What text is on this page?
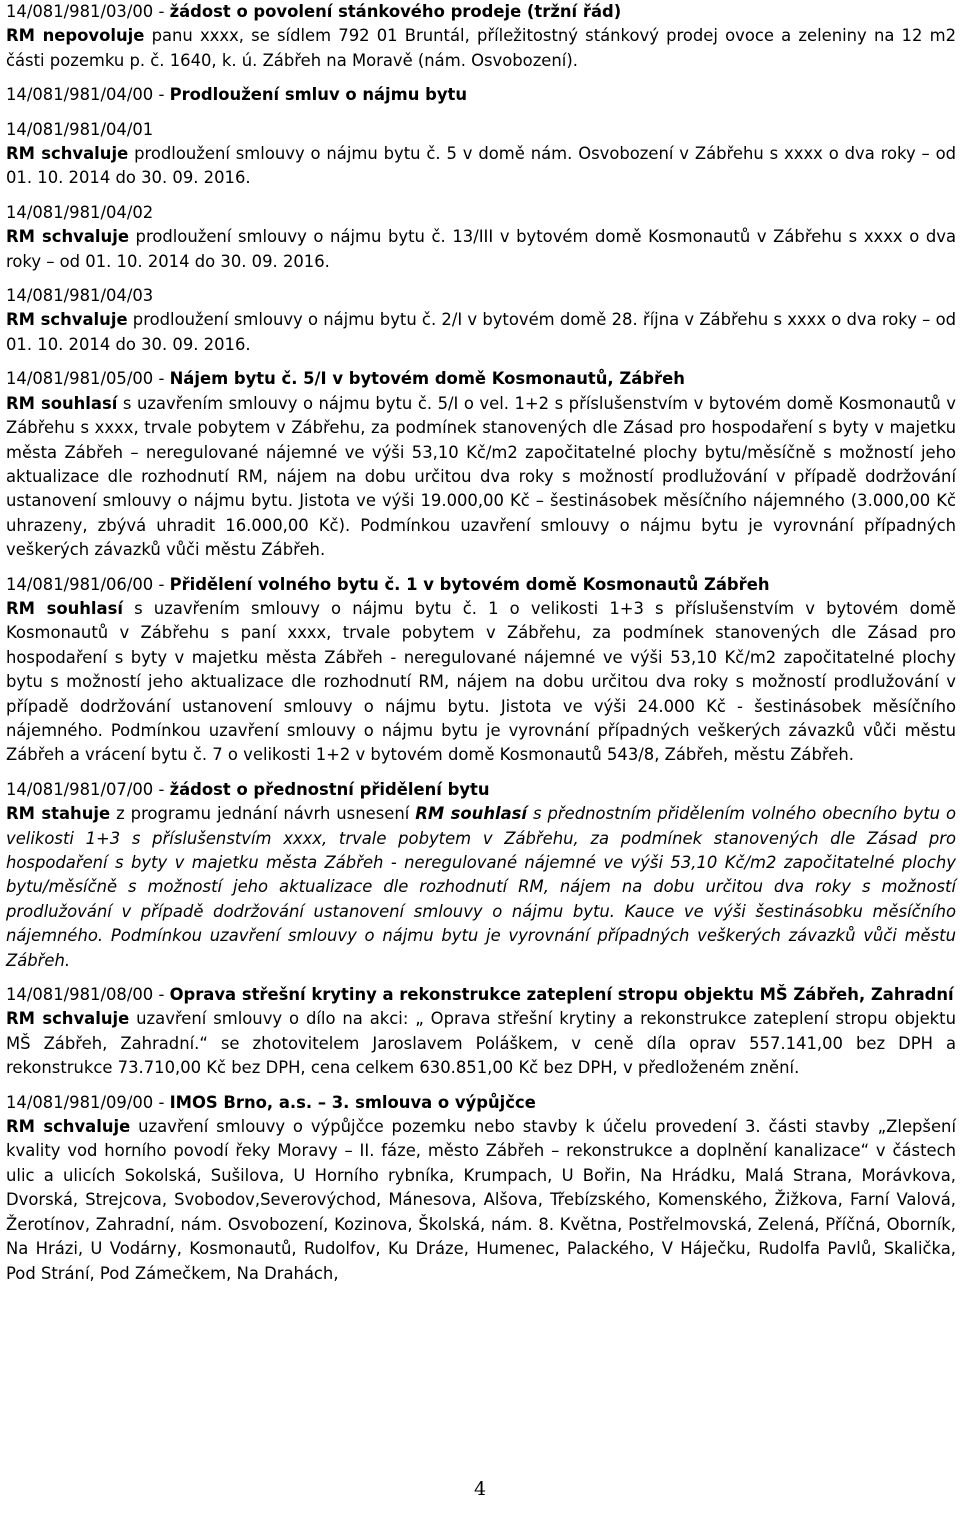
14/081/981/03/00 - žádost o povolení stánkového prodeje (tržní řád)

RM nepovoluje panu xxxx, se sídlem 792 01 Bruntál, příležitostný stánkový prodej ovoce a zeleniny na 12 m2 části pozemku p. č. 1640, k. ú. Zábřeh na Moravě (nám. Osvobození).

14/081/981/04/00 - Prodloužení smluv o nájmu bytu

14/081/981/04/01

RM schvaluje prodloužení smlouvy o nájmu bytu č. 5 v domě nám. Osvobození v Zábřehu s xxxx o dva roky – od 01. 10. 2014 do 30. 09. 2016.

14/081/981/04/02

RM schvaluje prodloužení smlouvy o nájmu bytu č. 13/III v bytovém domě Kosmonautů v Zábřehu s xxxx o dva roky – od 01. 10. 2014 do 30. 09. 2016.

14/081/981/04/03

RM schvaluje prodloužení smlouvy o nájmu bytu č. 2/I v bytovém domě 28. října v Zábřehu s xxxx o dva roky – od 01. 10. 2014 do 30. 09. 2016.

14/081/981/05/00 - Nájem bytu č. 5/I v bytovém domě Kosmonautů, Zábřeh

RM souhlasí s uzavřením smlouvy o nájmu bytu č. 5/I o vel. 1+2 s příslušenstvím v bytovém domě Kosmonautů v Zábřehu s xxxx, trvale pobytem v Zábřehu, za podmínek stanovených dle Zásad pro hospodaření s byty v majetku města Zábřeh – neregulované nájemné ve výši 53,10 Kč/m2 započitatelné plochy bytu/měsíčně s možností jeho aktualizace dle rozhodnutí RM, nájem na dobu určitou dva roky s možností prodlužování v případě dodržování ustanovení smlouvy o nájmu bytu. Jistota ve výši 19.000,00 Kč – šestinásobek měsíčního nájemného (3.000,00 Kč uhrazeny, zbývá uhradit 16.000,00 Kč). Podmínkou uzavření smlouvy o nájmu bytu je vyrovnání případných veškerých závazků vůči městu Zábřeh.

14/081/981/06/00 - Přidělení volného bytu č. 1 v bytovém domě Kosmonautů Zábřeh

RM souhlasí s uzavřením smlouvy o nájmu bytu č. 1 o velikosti 1+3 s příslušenstvím v bytovém domě Kosmonautů v Zábřehu s paní xxxx, trvale pobytem v Zábřehu, za podmínek stanovených dle Zásad pro hospodaření s byty v majetku města Zábřeh - neregulované nájemné ve výši 53,10 Kč/m2 započitatelné plochy bytu s možností jeho aktualizace dle rozhodnutí RM, nájem na dobu určitou dva roky s možností prodlužování v případě dodržování ustanovení smlouvy o nájmu bytu. Jistota ve výši 24.000 Kč - šestinásobek měsíčního nájemného. Podmínkou uzavření smlouvy o nájmu bytu je vyrovnání případných veškerých závazků vůči městu Zábřeh a vrácení bytu č. 7 o velikosti 1+2 v bytovém domě Kosmonautů 543/8, Zábřeh, městu Zábřeh.

14/081/981/07/00 - žádost o přednostní přidělení bytu

RM stahuje z programu jednání návrh usnesení RM souhlasí s přednostním přidělením volného obecního bytu o velikosti 1+3 s příslušenstvím xxxx, trvale pobytem v Zábřehu, za podmínek stanovených dle Zásad pro hospodaření s byty v majetku města Zábřeh - neregulované nájemné ve výši 53,10 Kč/m2 započitatelné plochy bytu/měsíčně s možností jeho aktualizace dle rozhodnutí RM, nájem na dobu určitou dva roky s možností prodlužování v případě dodržování ustanovení smlouvy o nájmu bytu. Kauce ve výši šestinásobku měsíčního nájemného. Podmínkou uzavření smlouvy o nájmu bytu je vyrovnání případných veškerých závazků vůči městu Zábřeh.

14/081/981/08/00 - Oprava střešní krytiny a rekonstrukce zateplení stropu objektu MŠ Zábřeh, Zahradní

RM schvaluje uzavření smlouvy o dílo na akci: „ Oprava střešní krytiny a rekonstrukce zateplení stropu objektu MŠ Zábřeh, Zahradní.“ se zhotovitelem Jaroslavem Poláškem, v ceně díla oprav 557.141,00 bez DPH a rekonstrukce 73.710,00 Kč bez DPH, cena celkem 630.851,00 Kč bez DPH, v předloženém znění.

14/081/981/09/00 - IMOS Brno, a.s. – 3. smlouva o výpůjčce

RM schvaluje uzavření smlouvy o výpůjčce pozemku nebo stavby k účelu provedení 3. části stavby „Zlepšení kvality vod horního povodí řeky Moravy – II. fáze, město Zábřeh – rekonstrukce a doplnění kanalizace“ v částech ulic a ulicích Sokolská, Sušilova, U Horního rybníka, Krumpach, U Bořin, Na Hrádku, Malá Strana, Morávkova, Dvorská, Strejcova, Svobodov,Severovýchod, Mánesova, Alšova, Třebízského, Komenského, Žižkova, Farní Valová, Žerotínov, Zahradní, nám. Osvobození, Kozinova, Školská, nám. 8. Května, Postřelmovská, Zelená, Příčná, Oborník, Na Hrázi, U Vodárny, Kosmonautů, Rudolfov, Ku Dráze, Humenec, Palackého, V Háječku, Rudolfa Pavlů, Skalička, Pod Strání, Pod Zámečkem, Na Drahách,

4
